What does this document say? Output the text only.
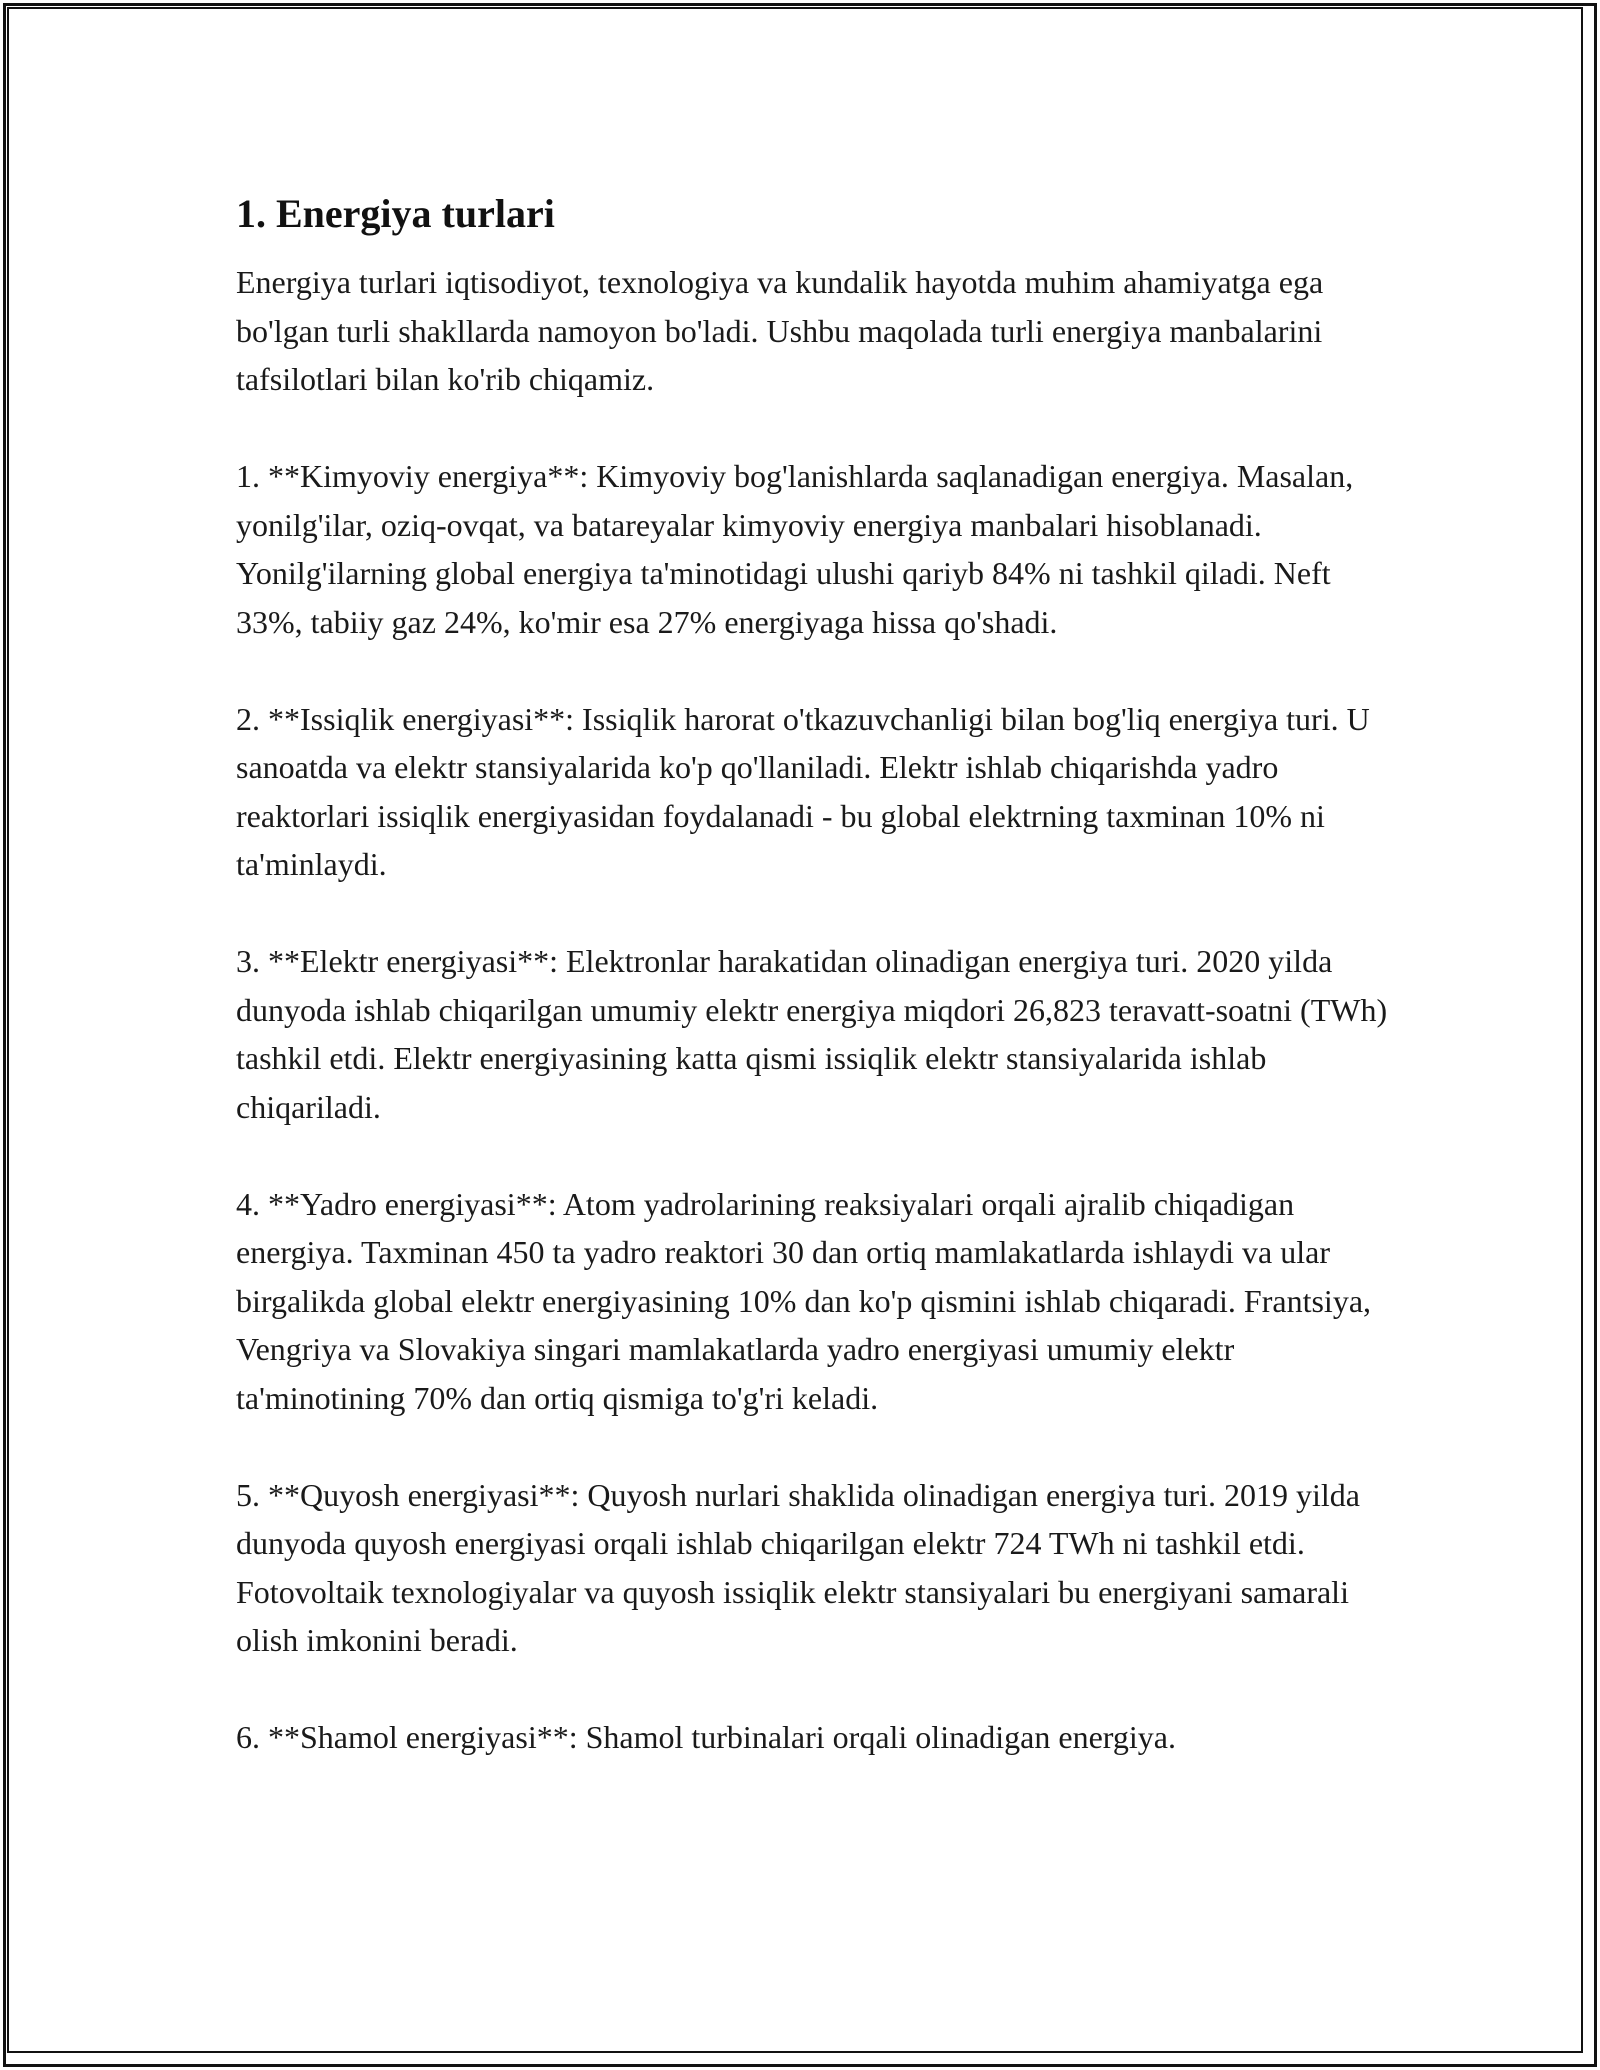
1. Energiya turlari

Energiya turlari iqtisodiyot, texnologiya va kundalik hayotda muhim ahamiyatga ega bo'lgan turli shakllarda namoyon bo'ladi. Ushbu maqolada turli energiya manbalarini tafsilotlari bilan ko'rib chiqamiz.

1. **Kimyoviy energiya**: Kimyoviy bog'lanishlarda saqlanadigan energiya. Masalan, yonilg'ilar, oziq-ovqat, va batareyalar kimyoviy energiya manbalari hisoblanadi. Yonilg'ilarning global energiya ta'minotidagi ulushi qariyb 84% ni tashkil qiladi. Neft 33%, tabiiy gaz 24%, ko'mir esa 27% energiyaga hissa qo'shadi.

2. **Issiqlik energiyasi**: Issiqlik harorat o'tkazuvchanligi bilan bog'liq energiya turi. U sanoatda va elektr stansiyalarida ko'p qo'llaniladi. Elektr ishlab chiqarishda yadro reaktorlari issiqlik energiyasidan foydalanadi - bu global elektrning taxminan 10% ni ta'minlaydi.

3. **Elektr energiyasi**: Elektronlar harakatidan olinadigan energiya turi. 2020 yilda dunyoda ishlab chiqarilgan umumiy elektr energiya miqdori 26,823 teravatt-soatni (TWh) tashkil etdi. Elektr energiyasining katta qismi issiqlik elektr stansiyalarida ishlab chiqariladi.

4. **Yadro energiyasi**: Atom yadrolarining reaksiyalari orqali ajralib chiqadigan energiya. Taxminan 450 ta yadro reaktori 30 dan ortiq mamlakatlarda ishlaydi va ular birgalikda global elektr energiyasining 10% dan ko'p qismini ishlab chiqaradi. Frantsiya, Vengriya va Slovakiya singari mamlakatlarda yadro energiyasi umumiy elektr ta'minotining 70% dan ortiq qismiga to'g'ri keladi.

5. **Quyosh energiyasi**: Quyosh nurlari shaklida olinadigan energiya turi. 2019 yilda dunyoda quyosh energiyasi orqali ishlab chiqarilgan elektr 724 TWh ni tashkil etdi. Fotovoltaik texnologiyalar va quyosh issiqlik elektr stansiyalari bu energiyani samarali olish imkonini beradi.

6. **Shamol energiyasi**: Shamol turbinalari orqali olinadigan energiya.
